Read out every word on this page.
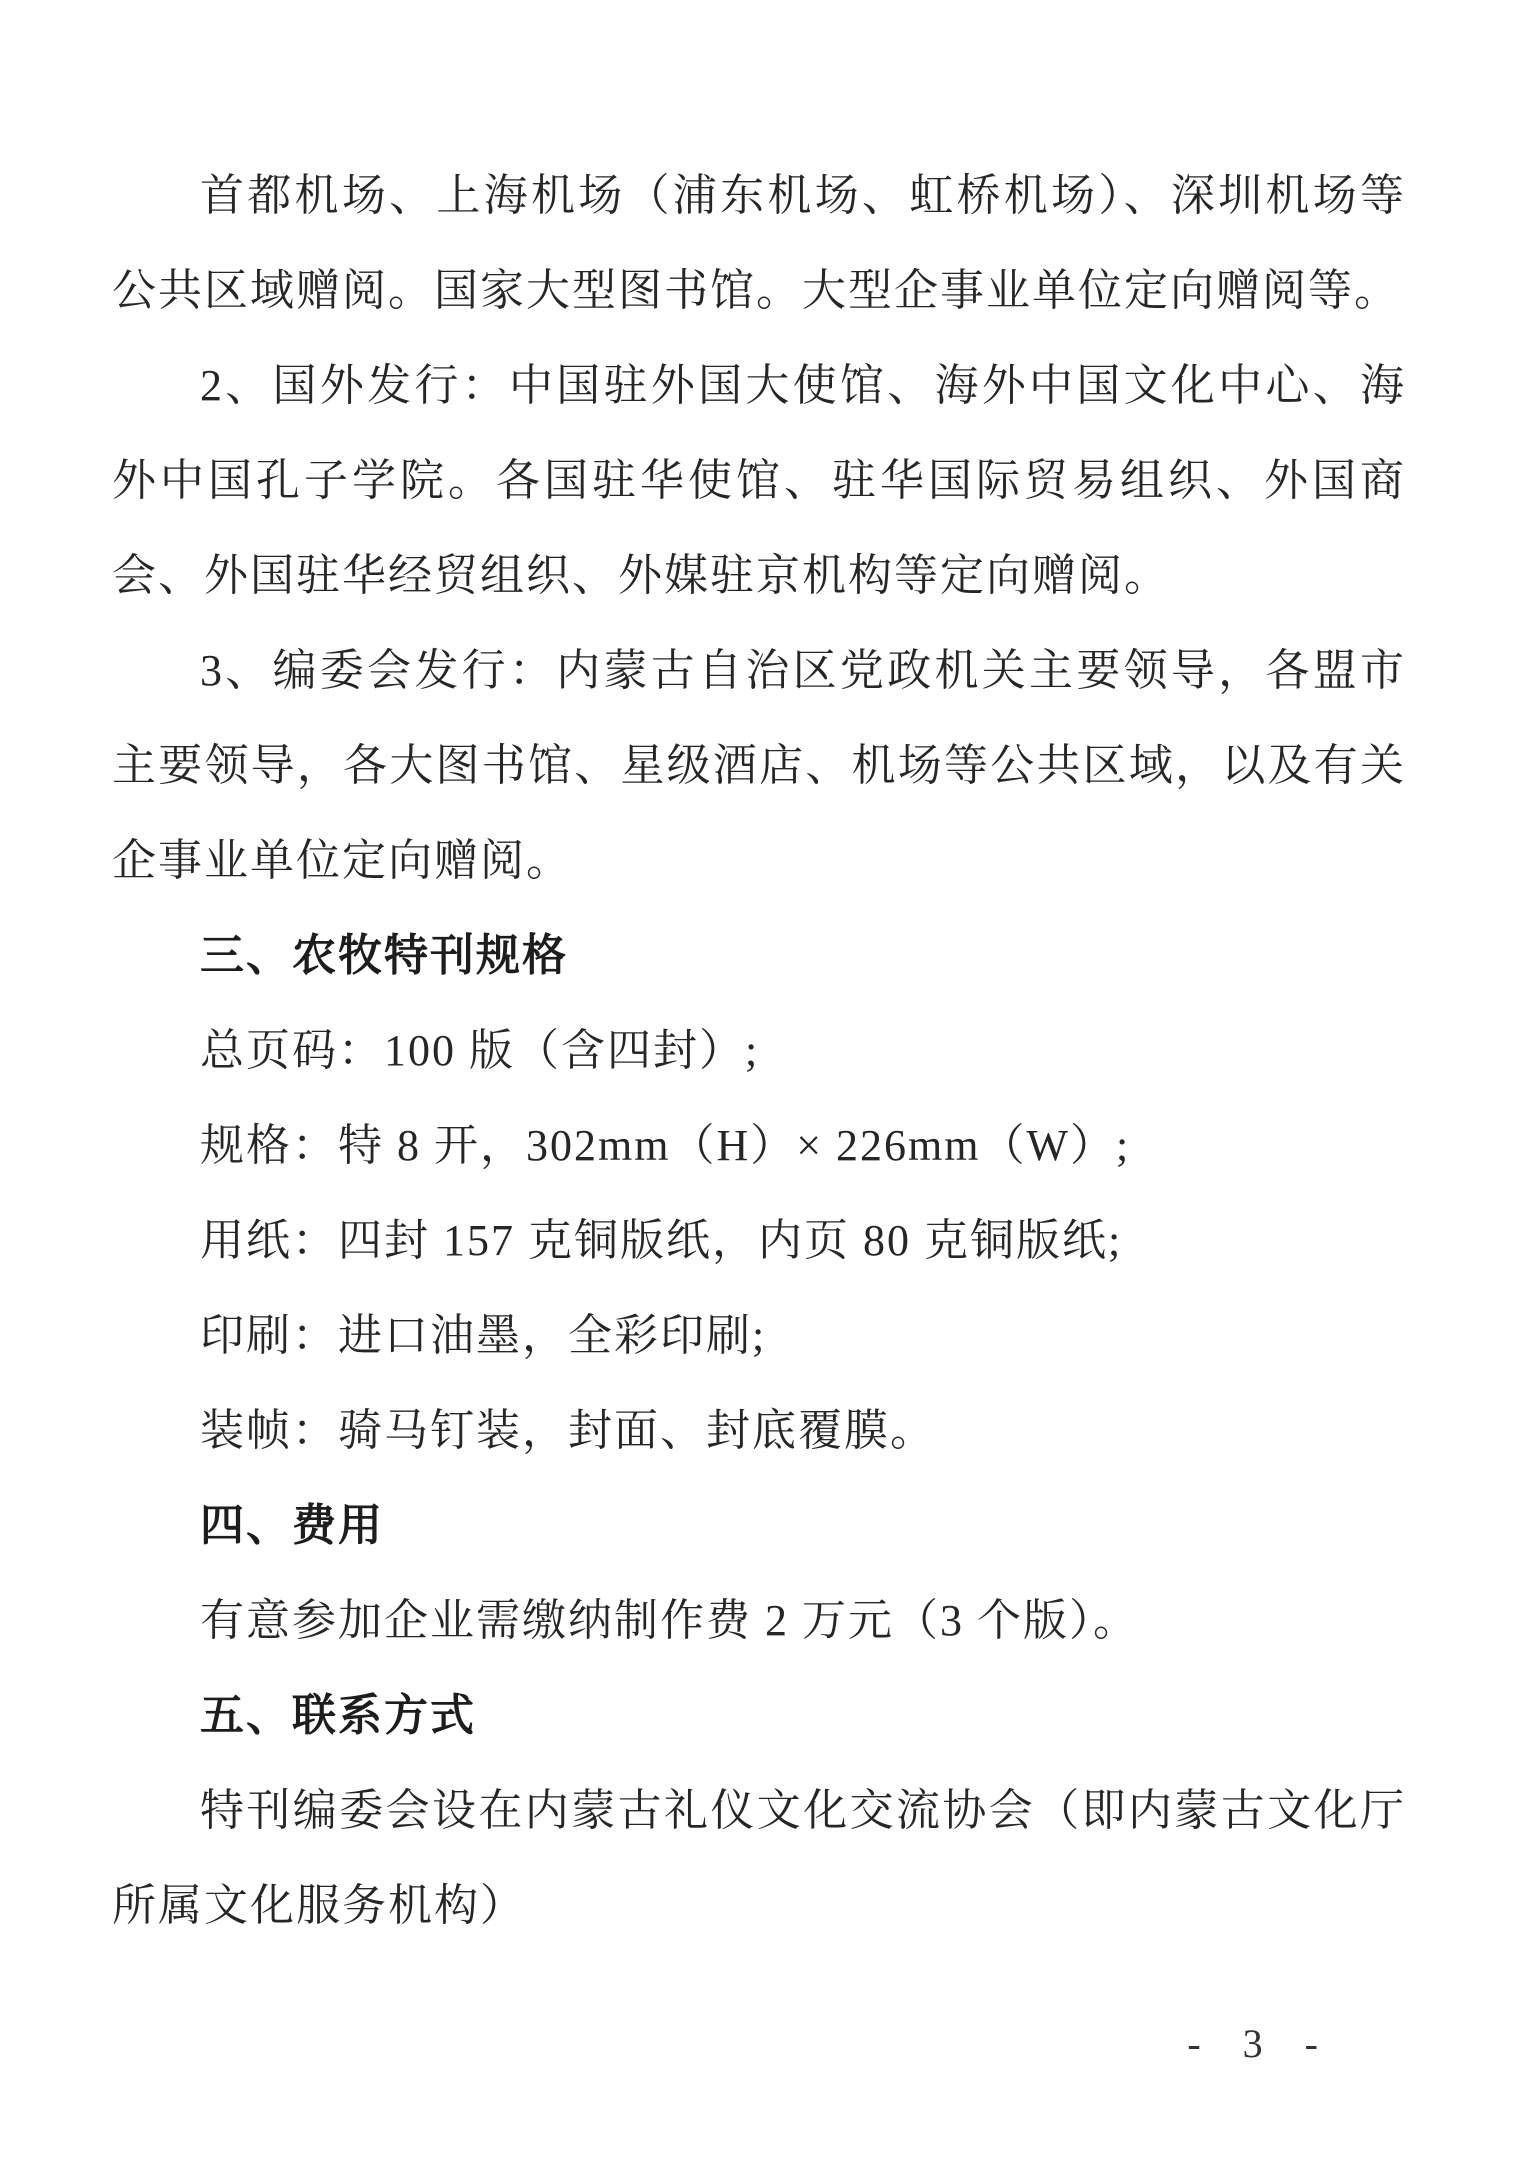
首都机场、上海机场（浦东机场、虹桥机场）、深圳机场等公共区域赠阅。国家大型图书馆。大型企事业单位定向赠阅等。

2、国外发行：中国驻外国大使馆、海外中国文化中心、海外中国孔子学院。各国驻华使馆、驻华国际贸易组织、外国商会、外国驻华经贸组织、外媒驻京机构等定向赠阅。

3、编委会发行：内蒙古自治区党政机关主要领导，各盟市主要领导，各大图书馆、星级酒店、机场等公共区域，以及有关企事业单位定向赠阅。

三、农牧特刊规格

总页码：100 版（含四封）;

规格：特 8 开，302mm（H）× 226mm（W）;

用纸：四封 157 克铜版纸，内页 80 克铜版纸;

印刷：进口油墨，全彩印刷;

装帧：骑马钉装，封面、封底覆膜。

四、费用

有意参加企业需缴纳制作费 2 万元（3 个版）。

五、联系方式

特刊编委会设在内蒙古礼仪文化交流协会（即内蒙古文化厅所属文化服务机构）

- 3 -
